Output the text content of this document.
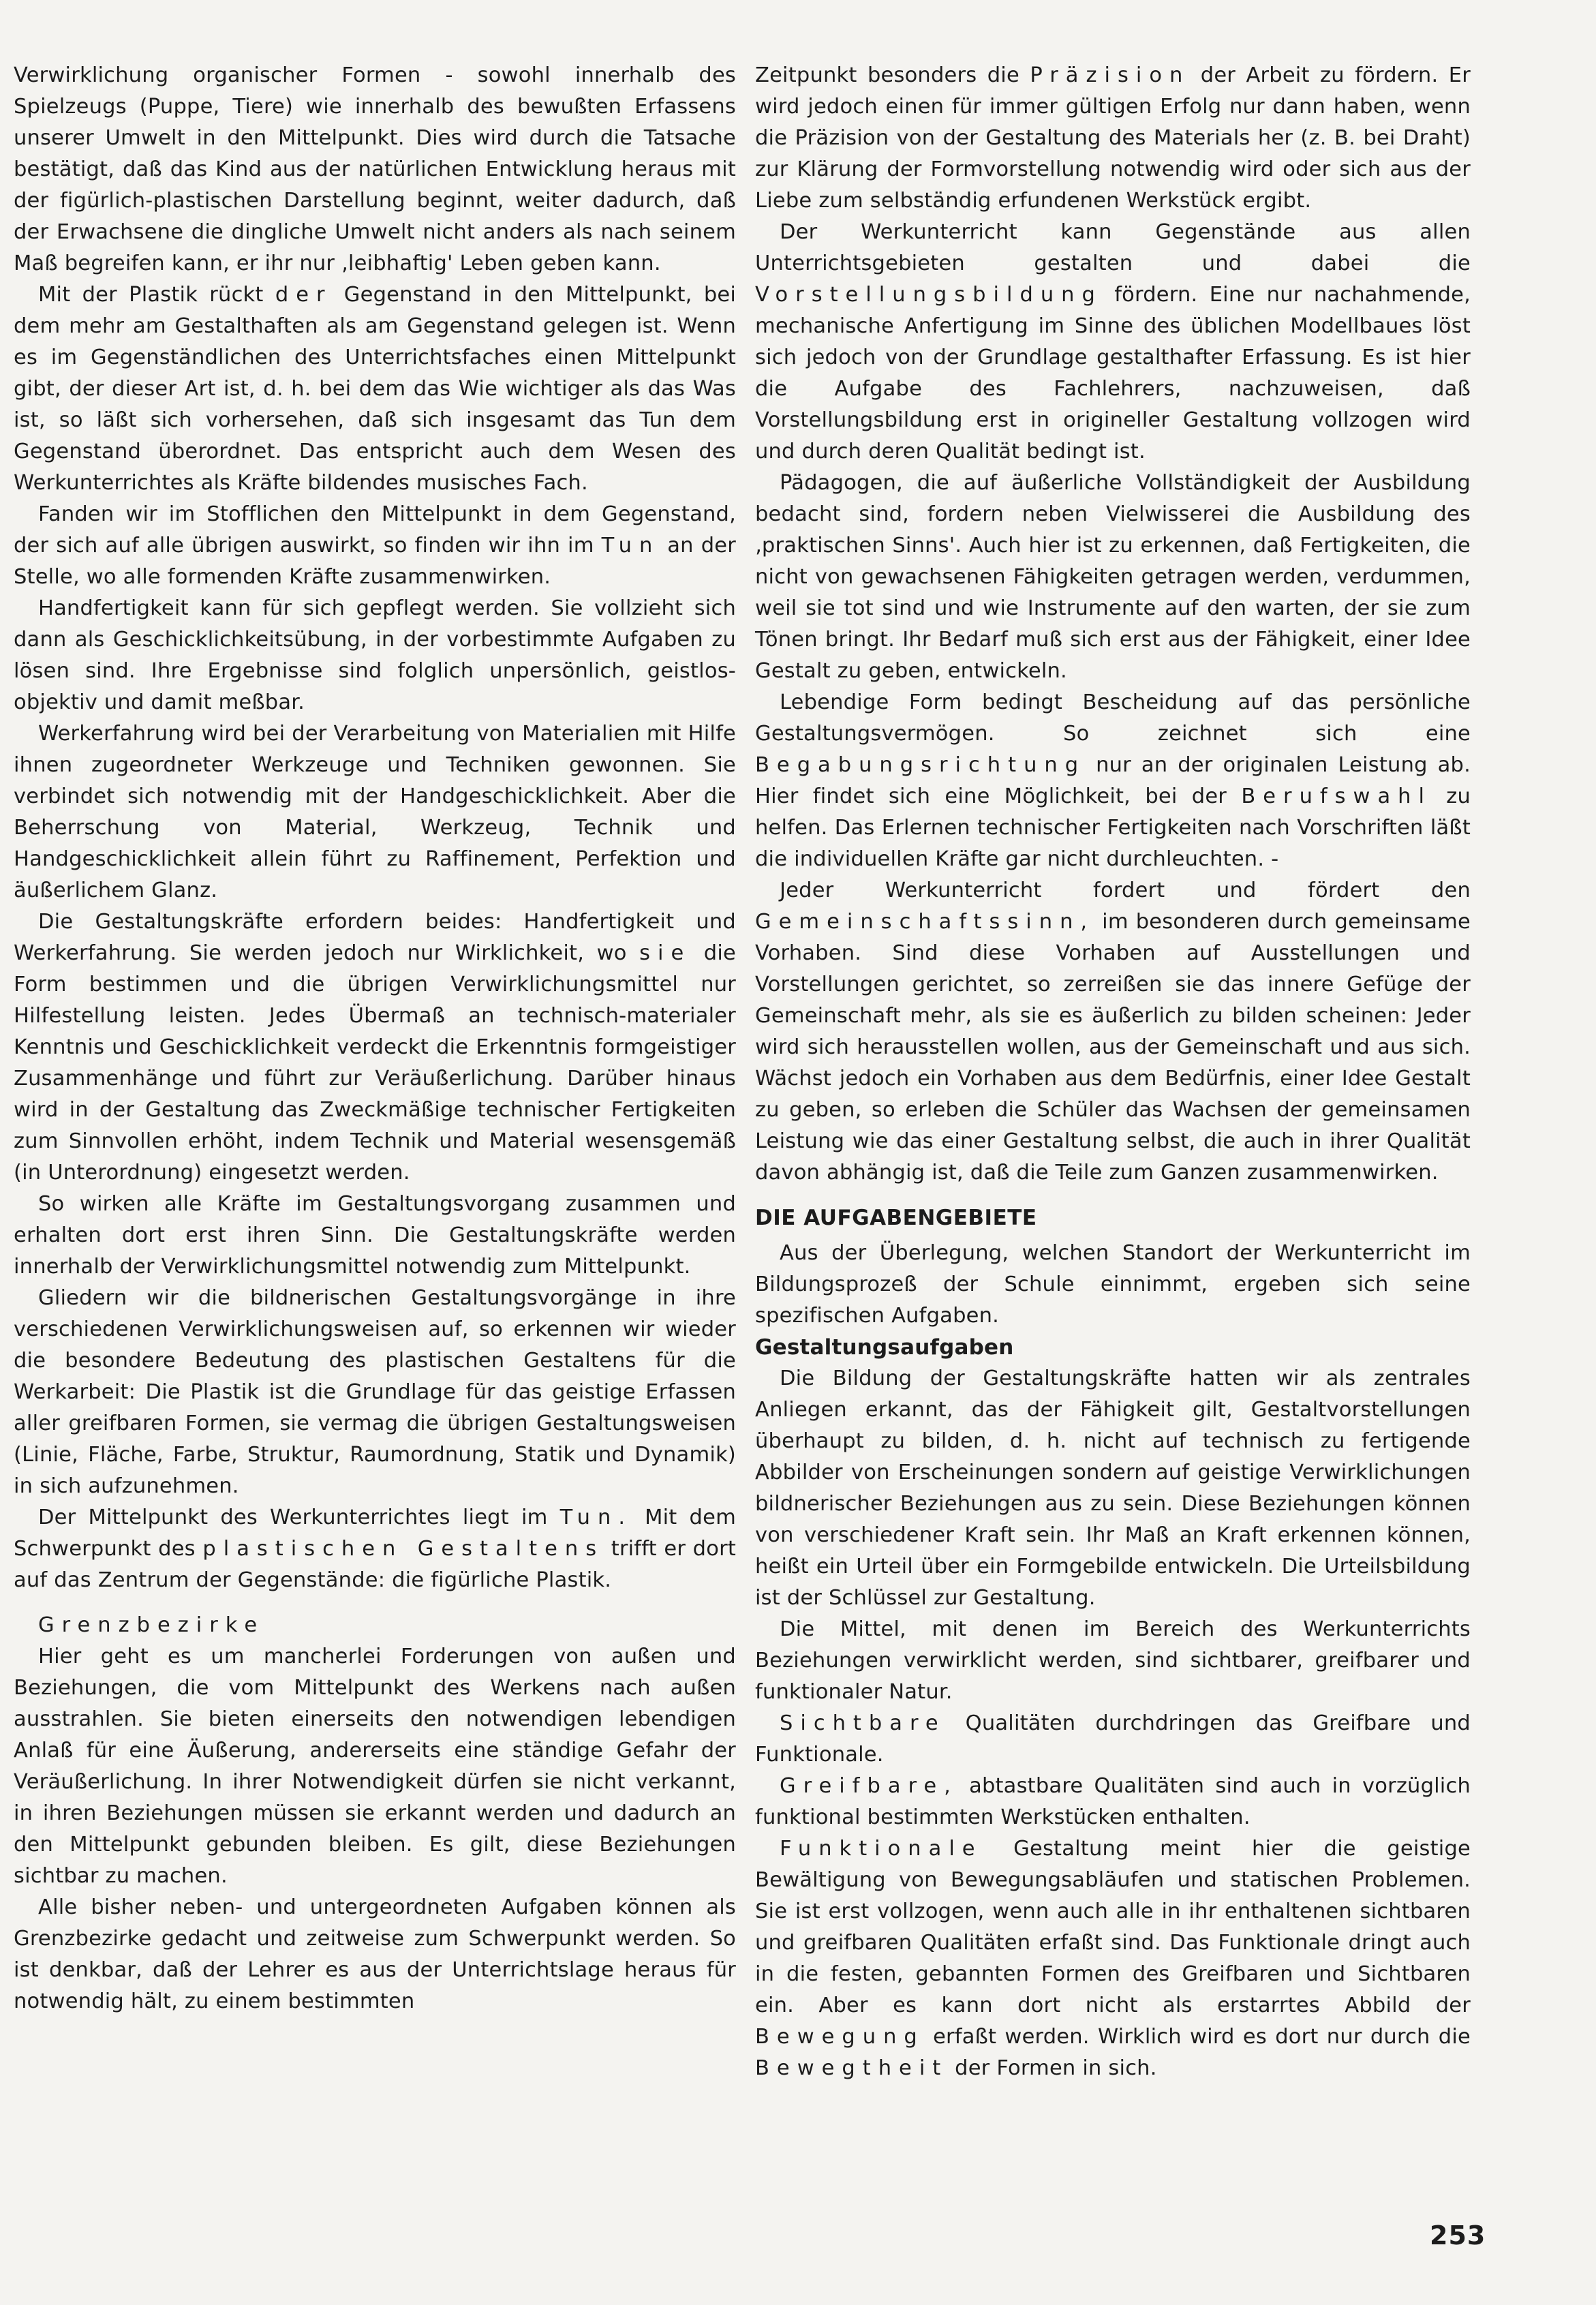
Verwirklichung organischer Formen - sowohl innerhalb des Spielzeugs (Puppe, Tiere) wie innerhalb des bewußten Erfassens unserer Umwelt in den Mittelpunkt. Dies wird durch die Tatsache bestätigt, daß das Kind aus der natürlichen Entwicklung heraus mit der figürlich-plastischen Darstellung beginnt, weiter dadurch, daß der Erwachsene die dingliche Umwelt nicht anders als nach seinem Maß begreifen kann, er ihr nur ‚leibhaftig' Leben geben kann.

Mit der Plastik rückt der Gegenstand in den Mittelpunkt, bei dem mehr am Gestalthaften als am Gegenstand gelegen ist. Wenn es im Gegenständlichen des Unterrichtsfaches einen Mittelpunkt gibt, der dieser Art ist, d. h. bei dem das Wie wichtiger als das Was ist, so läßt sich vorhersehen, daß sich insgesamt das Tun dem Gegenstand überordnet. Das entspricht auch dem Wesen des Werkunterrichtes als Kräfte bildendes musisches Fach.

Fanden wir im Stofflichen den Mittelpunkt in dem Gegenstand, der sich auf alle übrigen auswirkt, so finden wir ihn im Tun an der Stelle, wo alle formenden Kräfte zusammenwirken.

Handfertigkeit kann für sich gepflegt werden. Sie vollzieht sich dann als Geschicklichkeitsübung, in der vorbestimmte Aufgaben zu lösen sind. Ihre Ergebnisse sind folglich unpersönlich, geistlos-objektiv und damit meßbar.

Werkerfahrung wird bei der Verarbeitung von Materialien mit Hilfe ihnen zugeordneter Werkzeuge und Techniken gewonnen. Sie verbindet sich notwendig mit der Handgeschicklichkeit. Aber die Beherrschung von Material, Werkzeug, Technik und Handgeschicklichkeit allein führt zu Raffinement, Perfektion und äußerlichem Glanz.

Die Gestaltungskräfte erfordern beides: Handfertigkeit und Werkerfahrung. Sie werden jedoch nur Wirklichkeit, wo sie die Form bestimmen und die übrigen Verwirklichungsmittel nur Hilfestellung leisten. Jedes Übermaß an technisch-materialer Kenntnis und Geschicklichkeit verdeckt die Erkenntnis formgeistiger Zusammenhänge und führt zur Veräußerlichung. Darüber hinaus wird in der Gestaltung das Zweckmäßige technischer Fertigkeiten zum Sinnvollen erhöht, indem Technik und Material wesensgemäß (in Unterordnung) eingesetzt werden.

So wirken alle Kräfte im Gestaltungsvorgang zusammen und erhalten dort erst ihren Sinn. Die Gestaltungskräfte werden innerhalb der Verwirklichungsmittel notwendig zum Mittelpunkt.

Gliedern wir die bildnerischen Gestaltungsvorgänge in ihre verschiedenen Verwirklichungsweisen auf, so erkennen wir wieder die besondere Bedeutung des plastischen Gestaltens für die Werkarbeit: Die Plastik ist die Grundlage für das geistige Erfassen aller greifbaren Formen, sie vermag die übrigen Gestaltungsweisen (Linie, Fläche, Farbe, Struktur, Raumordnung, Statik und Dynamik) in sich aufzunehmen.

Der Mittelpunkt des Werkunterrichtes liegt im Tun. Mit dem Schwerpunkt des plastischen Gestaltens trifft er dort auf das Zentrum der Gegenstände: die figürliche Plastik.

Grenzbezirke

Hier geht es um mancherlei Forderungen von außen und Beziehungen, die vom Mittelpunkt des Werkens nach außen ausstrahlen. Sie bieten einerseits den notwendigen lebendigen Anlaß für eine Äußerung, andererseits eine ständige Gefahr der Veräußerlichung. In ihrer Notwendigkeit dürfen sie nicht verkannt, in ihren Beziehungen müssen sie erkannt werden und dadurch an den Mittelpunkt gebunden bleiben. Es gilt, diese Beziehungen sichtbar zu machen.

Alle bisher neben- und untergeordneten Aufgaben können als Grenzbezirke gedacht und zeitweise zum Schwerpunkt werden. So ist denkbar, daß der Lehrer es aus der Unterrichtslage heraus für notwendig hält, zu einem bestimmten

Zeitpunkt besonders die Präzision der Arbeit zu fördern. Er wird jedoch einen für immer gültigen Erfolg nur dann haben, wenn die Präzision von der Gestaltung des Materials her (z. B. bei Draht) zur Klärung der Formvorstellung notwendig wird oder sich aus der Liebe zum selbständig erfundenen Werkstück ergibt.

Der Werkunterricht kann Gegenstände aus allen Unterrichtsgebieten gestalten und dabei die Vorstellungsbildung fördern. Eine nur nachahmende, mechanische Anfertigung im Sinne des üblichen Modellbaues löst sich jedoch von der Grundlage gestalthafter Erfassung. Es ist hier die Aufgabe des Fachlehrers, nachzuweisen, daß Vorstellungsbildung erst in origineller Gestaltung vollzogen wird und durch deren Qualität bedingt ist.

Pädagogen, die auf äußerliche Vollständigkeit der Ausbildung bedacht sind, fordern neben Vielwisserei die Ausbildung des ‚praktischen Sinns'. Auch hier ist zu erkennen, daß Fertigkeiten, die nicht von gewachsenen Fähigkeiten getragen werden, verdummen, weil sie tot sind und wie Instrumente auf den warten, der sie zum Tönen bringt. Ihr Bedarf muß sich erst aus der Fähigkeit, einer Idee Gestalt zu geben, entwickeln.

Lebendige Form bedingt Bescheidung auf das persönliche Gestaltungsvermögen. So zeichnet sich eine Begabungsrichtung nur an der originalen Leistung ab. Hier findet sich eine Möglichkeit, bei der Berufswahl zu helfen. Das Erlernen technischer Fertigkeiten nach Vorschriften läßt die individuellen Kräfte gar nicht durchleuchten. -

Jeder Werkunterricht fordert und fördert den Gemeinschaftssinn, im besonderen durch gemeinsame Vorhaben. Sind diese Vorhaben auf Ausstellungen und Vorstellungen gerichtet, so zerreißen sie das innere Gefüge der Gemeinschaft mehr, als sie es äußerlich zu bilden scheinen: Jeder wird sich herausstellen wollen, aus der Gemeinschaft und aus sich. Wächst jedoch ein Vorhaben aus dem Bedürfnis, einer Idee Gestalt zu geben, so erleben die Schüler das Wachsen der gemeinsamen Leistung wie das einer Gestaltung selbst, die auch in ihrer Qualität davon abhängig ist, daß die Teile zum Ganzen zusammenwirken.

DIE AUFGABENGEBIETE

Aus der Überlegung, welchen Standort der Werkunterricht im Bildungsprozeß der Schule einnimmt, ergeben sich seine spezifischen Aufgaben.

Gestaltungsaufgaben

Die Bildung der Gestaltungskräfte hatten wir als zentrales Anliegen erkannt, das der Fähigkeit gilt, Gestaltvorstellungen überhaupt zu bilden, d. h. nicht auf technisch zu fertigende Abbilder von Erscheinungen sondern auf geistige Verwirklichungen bildnerischer Beziehungen aus zu sein. Diese Beziehungen können von verschiedener Kraft sein. Ihr Maß an Kraft erkennen können, heißt ein Urteil über ein Formgebilde entwickeln. Die Urteilsbildung ist der Schlüssel zur Gestaltung.

Die Mittel, mit denen im Bereich des Werkunterrichts Beziehungen verwirklicht werden, sind sichtbarer, greifbarer und funktionaler Natur.

Sichtbare Qualitäten durchdringen das Greifbare und Funktionale.

Greifbare, abtastbare Qualitäten sind auch in vorzüglich funktional bestimmten Werkstücken enthalten.

Funktionale Gestaltung meint hier die geistige Bewältigung von Bewegungsabläufen und statischen Problemen. Sie ist erst vollzogen, wenn auch alle in ihr enthaltenen sichtbaren und greifbaren Qualitäten erfaßt sind. Das Funktionale dringt auch in die festen, gebannten Formen des Greifbaren und Sichtbaren ein. Aber es kann dort nicht als erstarrtes Abbild der Bewegung erfaßt werden. Wirklich wird es dort nur durch die Bewegtheit der Formen in sich.

253
